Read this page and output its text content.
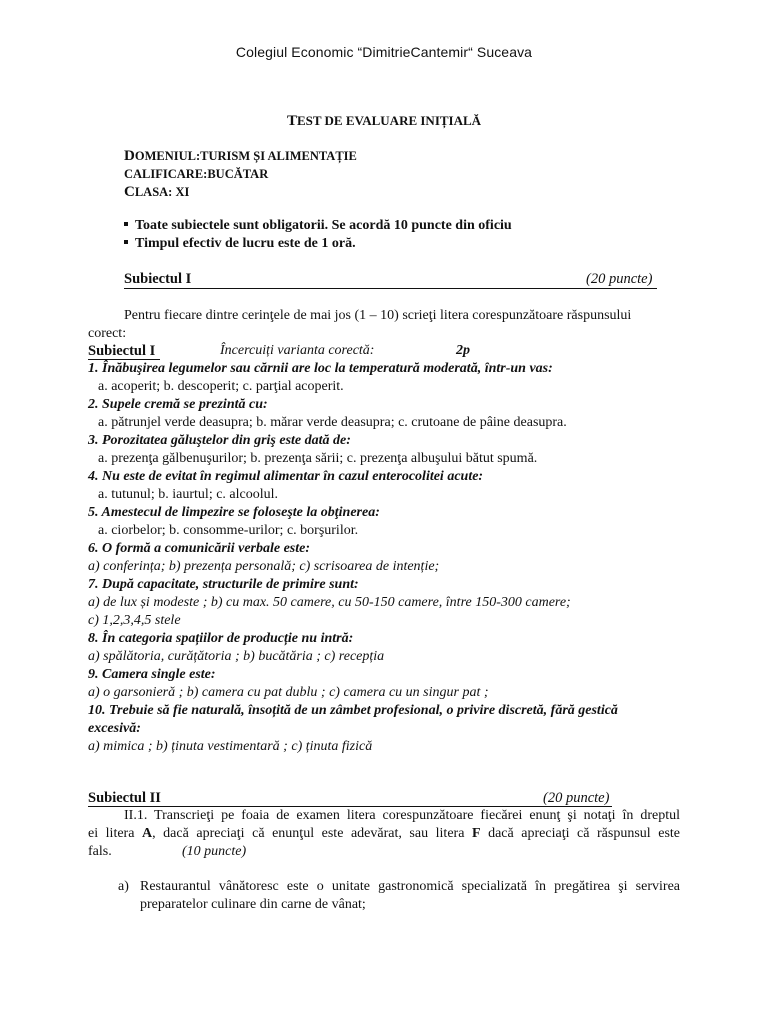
Colegiul Economic “DimitrieCantemir“ Suceava
TEST DE EVALUARE INIȚIALĂ
DOMENIUL:TURISM ȘI ALIMENTAȚIE
CALIFICARE:BUCĂTAR
CLASA: XI
Toate subiectele sunt obligatorii. Se acordă 10 puncte din oficiu
Timpul efectiv de lucru este de 1 oră.
Subiectul I	(20 puncte)
Pentru fiecare dintre cerinţele de mai jos (1 – 10) scrieţi litera corespunzătoare răspunsului
corect:
Subiectul I	Încercuiți varianta corectă:	2p
1. Înăbuşirea legumelor sau cărnii are loc la temperatură moderată, într-un vas:
a. acoperit; b. descoperit; c. parţial acoperit.
2. Supele cremă se prezintă cu:
a. pătrunjel verde deasupra; b. mărar verde deasupra; c. crutoane de pâine deasupra.
3. Porozitatea găluştelor din griş este dată de:
a. prezenţa gălbenuşurilor; b. prezenţa sării; c. prezenţa albuşului bătut spumă.
4. Nu este de evitat în regimul alimentar în cazul enterocolitei acute:
a. tutunul; b. iaurtul; c. alcoolul.
5. Amestecul de limpezire se foloseşte la obţinerea:
a. ciorbelor; b. consomme-urilor; c. borşurilor.
6. O formă a comunicării verbale este:
a) conferința; b) prezența personală; c) scrisoarea de intenție;
7. După capacitate, structurile de primire sunt:
a) de lux și modeste ; b) cu max. 50 camere, cu 50-150 camere, între 150-300 camere;
c) 1,2,3,4,5 stele
8. În categoria spațiilor de producție nu intră:
a) spălătoria, curățătoria ; b) bucătăria ; c) recepția
9. Camera single este:
a) o garsonieră ; b) camera cu pat dublu ; c) camera cu un singur pat ;
10. Trebuie să fie naturală, însoțită de un zâmbet profesional, o privire discretă, fără gestică
excesivă:
a) mimica ; b) ținuta vestimentară ; c) ținuta fizică
Subiectul II	(20 puncte)
II.1. Transcrieţi pe foaia de examen litera corespunzătoare fiecărei enunţ şi notaţi în dreptul
ei litera A, dacă apreciaţi că enunţul este adevărat, sau litera F dacă apreciaţi că răspunsul este
fals.	(10 puncte)
a) Restaurantul vânătoresc este o unitate gastronomică specializată în pregătirea şi servirea
preparatelor culinare din carne de vânat;
